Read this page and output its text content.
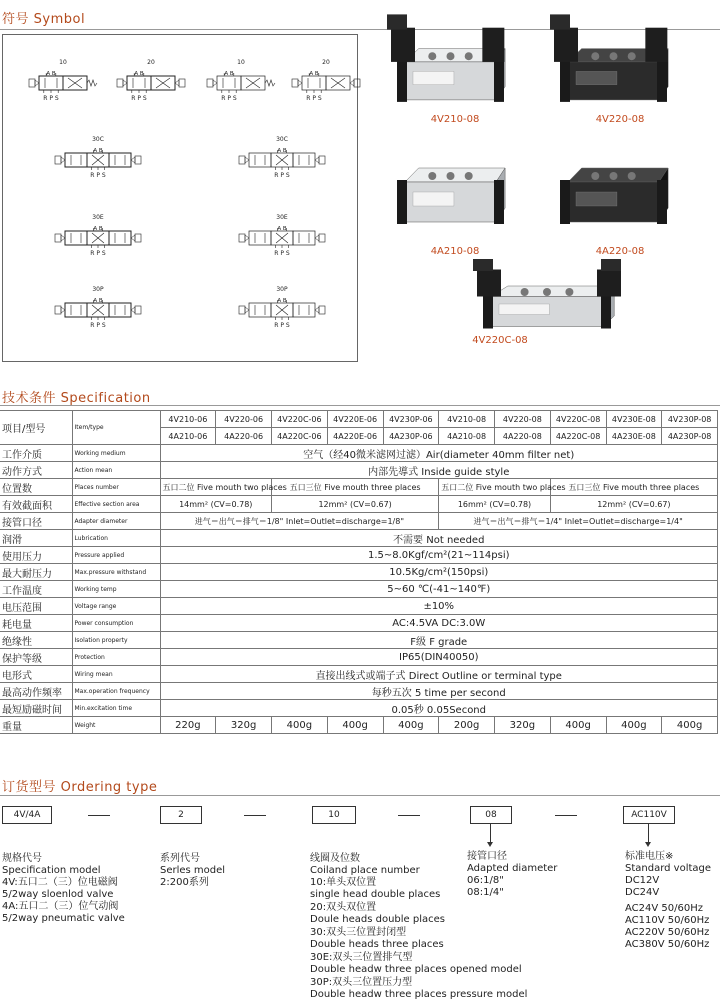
符号 Symbol
10
A B
R P S
20
A B
R P S
10
A B
R P S
20
A B
R P S
30C
A B
R P S
30C
A B
R P S
30E
A B
R P S
30E
A B
R P S
30P
A B
R P S
30P
A B
R P S
4V210-08	4V220-08
4A210-08	4A220-08
4V220C-08
技术条件 Specification
项目/型号	Item/type	4V210-06	4V220-06	4V220C-06	4V220E-06	4V230P-06	4V210-08	4V220-08	4V220C-08	4V230E-08	4V230P-08
		4A210-06	4A220-06	4A220C-06	4A220E-06	4A230P-06	4A210-08	4A220-08	4A220C-08	4A230E-08	4A230P-08
工作介质	Working medium	空气（经40微米滤网过滤）Air(diameter 40mm filter net)									
动作方式	Action mean	内部先導式 Inside guide style									
位置数	Places number	五口二位 Five mouth two places		五口三位 Five mouth three places			五口二位 Five mouth two places		五口三位 Five mouth three places		
有效截面积	Effective section area	14mm² (CV=0.78)		12mm² (CV=0.67)			16mm² (CV=0.78)		12mm² (CV=0.67)		
接管口径	Adapter diameter	进气＝出气＝排气＝1/8" Inlet=Outlet=discharge=1/8"					进气＝出气＝排气＝1/4" Inlet=Outlet=discharge=1/4"				
润滑	Lubrication	不需要 Not needed									
使用压力	Pressure applied	1.5~8.0Kgf/cm²(21~114psi)									
最大耐压力	Max.pressure withstand	10.5Kg/cm²(150psi)									
工作温度	Working temp	5~60 ℃(-41~140℉)									
电压范围	Voltage range	±10%									
耗电量	Power consumption	AC:4.5VA DC:3.0W									
绝缘性	Isolation property	F级 F grade									
保护等级	Protection	IP65(DIN40050)									
电形式	Wiring mean	直接出线式或端子式 Direct Outline or terminal type									
最高动作频率	Max.operation frequency	每秒五次 5 time per second									
最短励磁时间	Min.excitation time	0.05秒 0.05Second									
重量	Weight	220g	320g	400g	400g	400g	200g	320g	400g	400g	400g
订货型号 Ordering type
4V/4A	2	10	08	AC110V
规格代号
Specification model
4V:五口二（三）位电磁阀
5/2way sloenlod valve
4A:五口二（三）位气动阀
5/2way pneumatic valve
系列代号
Serles model
2:200系列
线圈及位数
Coiland place number
10:单头双位置
single head double places
20:双头双位置
Doule heads double places
30:双头三位置封闭型
Double heads three places
30E:双头三位置排气型
Double headw three places opened model
30P:双头三位置压力型
Double headw three places pressure model
接管口径
Adapted diameter
06:1/8"
08:1/4"
标准电压※
Standard voltage
DC12V
DC24V
AC24V 50/60Hz
AC110V 50/60Hz
AC220V 50/60Hz
AC380V 50/60Hz
